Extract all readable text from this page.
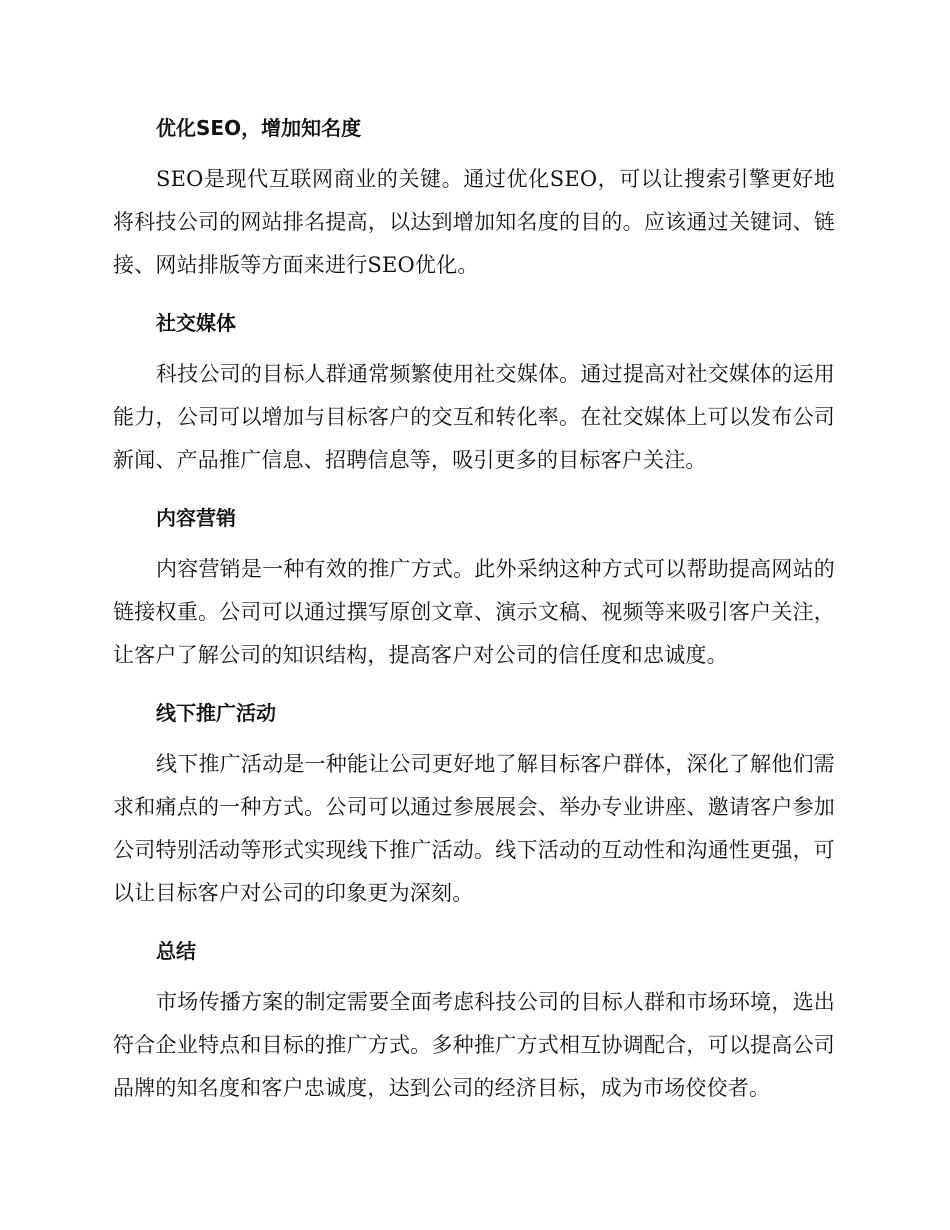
优化SEO，增加知名度

SEO是现代互联网商业的关键。通过优化SEO，可以让搜索引擎更好地将科技公司的网站排名提高，以达到增加知名度的目的。应该通过关键词、链接、网站排版等方面来进行SEO优化。

社交媒体

科技公司的目标人群通常频繁使用社交媒体。通过提高对社交媒体的运用能力，公司可以增加与目标客户的交互和转化率。在社交媒体上可以发布公司新闻、产品推广信息、招聘信息等，吸引更多的目标客户关注。

内容营销

内容营销是一种有效的推广方式。此外采纳这种方式可以帮助提高网站的链接权重。公司可以通过撰写原创文章、演示文稿、视频等来吸引客户关注，让客户了解公司的知识结构，提高客户对公司的信任度和忠诚度。

线下推广活动

线下推广活动是一种能让公司更好地了解目标客户群体，深化了解他们需求和痛点的一种方式。公司可以通过参展展会、举办专业讲座、邀请客户参加公司特别活动等形式实现线下推广活动。线下活动的互动性和沟通性更强，可以让目标客户对公司的印象更为深刻。

总结

市场传播方案的制定需要全面考虑科技公司的目标人群和市场环境，选出符合企业特点和目标的推广方式。多种推广方式相互协调配合，可以提高公司品牌的知名度和客户忠诚度，达到公司的经济目标，成为市场佼佼者。
